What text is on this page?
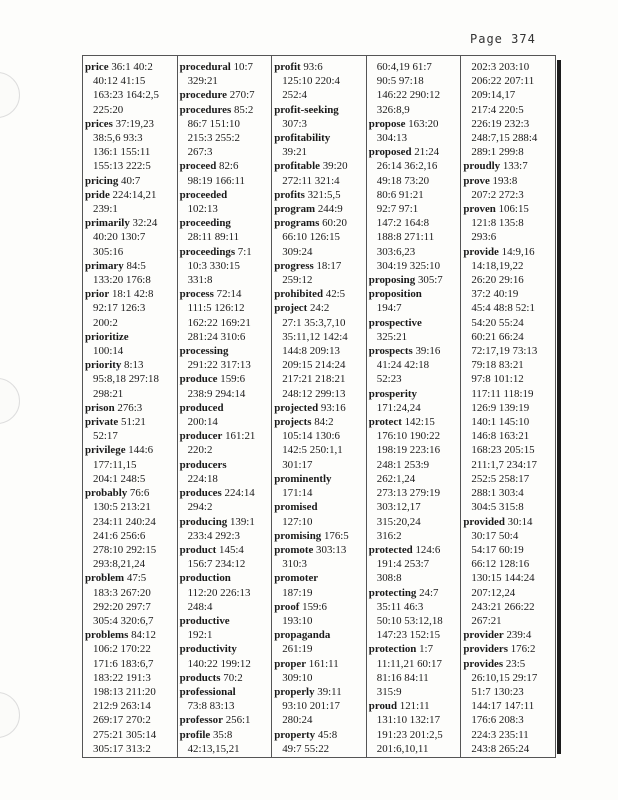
Page 374

price 36:1 40:2
40:12 41:15
163:23 164:2,5
225:20
prices 37:19,23
38:5,6 93:3
136:1 155:11
155:13 222:5
pricing 40:7
pride 224:14,21
239:1
primarily 32:24
40:20 130:7
305:16
primary 84:5
133:20 176:8
prior 18:1 42:8
92:17 126:3
200:2
prioritize
100:14
priority 8:13
95:8,18 297:18
298:21
prison 276:3
private 51:21
52:17
privilege 144:6
177:11,15
204:1 248:5
probably 76:6
130:5 213:21
234:11 240:24
241:6 256:6
278:10 292:15
293:8,21,24
problem 47:5
183:3 267:20
292:20 297:7
305:4 320:6,7
problems 84:12
106:2 170:22
171:6 183:6,7
183:22 191:3
198:13 211:20
212:9 263:14
269:17 270:2
275:21 305:14
305:17 313:2
procedural 10:7
329:21
procedure 270:7
procedures 85:2
86:7 151:10
215:3 255:2
267:3
proceed 82:6
98:19 166:11
proceeded
102:13
proceeding
28:11 89:11
proceedings 7:1
10:3 330:15
331:8
process 72:14
111:5 126:12
162:22 169:21
281:24 310:6
processing
291:22 317:13
produce 159:6
238:9 294:14
produced
200:14
producer 161:21
220:2
producers
224:18
produces 224:14
294:2
producing 139:1
233:4 292:3
product 145:4
156:7 234:12
production
112:20 226:13
248:4
productive
192:1
productivity
140:22 199:12
products 70:2
professional
73:8 83:13
professor 256:1
profile 35:8
42:13,15,21
profit 93:6
125:10 220:4
252:4
profit-seeking
307:3
profitability
39:21
profitable 39:20
272:11 321:4
profits 321:5,5
program 244:9
programs 60:20
66:10 126:15
309:24
progress 18:17
259:12
prohibited 42:5
project 24:2
27:1 35:3,7,10
35:11,12 142:4
144:8 209:13
209:15 214:24
217:21 218:21
248:12 299:13
projected 93:16
projects 84:2
105:14 130:6
142:5 250:1,1
301:17
prominently
171:14
promised
127:10
promising 176:5
promote 303:13
310:3
promoter
187:19
proof 159:6
193:10
propaganda
261:19
proper 161:11
309:10
properly 39:11
93:10 201:17
280:24
property 45:8
49:7 55:22
60:4,19 61:7
90:5 97:18
146:22 290:12
326:8,9
propose 163:20
304:13
proposed 21:24
26:14 36:2,16
49:18 73:20
80:6 91:21
92:7 97:1
147:2 164:8
188:8 271:11
303:6,23
304:19 325:10
proposing 305:7
proposition
194:7
prospective
325:21
prospects 39:16
41:24 42:18
52:23
prosperity
171:24,24
protect 142:15
176:10 190:22
198:19 223:16
248:1 253:9
262:1,24
273:13 279:19
303:12,17
315:20,24
316:2
protected 124:6
191:4 253:7
308:8
protecting 24:7
35:11 46:3
50:10 53:12,18
147:23 152:15
protection 1:7
11:11,21 60:17
81:16 84:11
315:9
proud 121:11
131:10 132:17
191:23 201:2,5
201:6,10,11
202:3 203:10
206:22 207:11
209:14,17
217:4 220:5
226:19 232:3
248:7,15 288:4
289:1 299:8
proudly 133:7
prove 193:8
207:2 272:3
proven 106:15
121:8 135:8
293:6
provide 14:9,16
14:18,19,22
26:20 29:16
37:2 40:19
45:4 48:8 52:1
54:20 55:24
60:21 66:24
72:17,19 73:13
79:18 83:21
97:8 101:12
117:11 118:19
126:9 139:19
140:1 145:10
146:8 163:21
168:23 205:15
211:1,7 234:17
252:5 258:17
288:1 303:4
304:5 315:8
provided 30:14
30:17 50:4
54:17 60:19
66:12 128:16
130:15 144:24
207:12,24
243:21 266:22
267:21
provider 239:4
providers 176:2
provides 23:5
26:10,15 29:17
51:7 130:23
144:17 147:11
176:6 208:3
224:3 235:11
243:8 265:24
